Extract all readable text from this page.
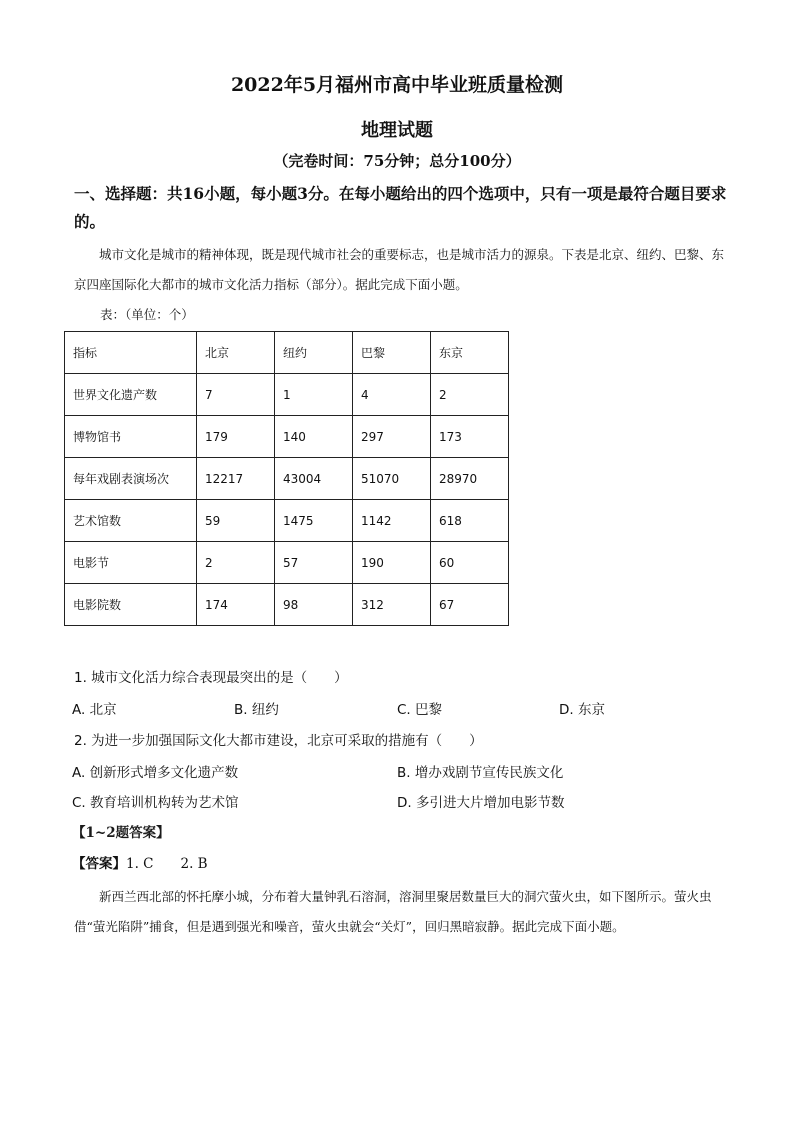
2022年5月福州市高中毕业班质量检测
地理试题
（完卷时间：75分钟；总分100分）
一、选择题：共16小题，每小题3分。在每小题给出的四个选项中，只有一项是最符合题目要求的。
城市文化是城市的精神体现，既是现代城市社会的重要标志，也是城市活力的源泉。下表是北京、纽约、巴黎、东京四座国际化大都市的城市文化活力指标（部分）。据此完成下面小题。
表：（单位：个）
指标	北京	纽约	巴黎	东京
世界文化遗产数	7	1	4	2
博物馆书	179	140	297	173
每年戏剧表演场次	12217	43004	51070	28970
艺术馆数	59	1475	1142	618
电影节	2	57	190	60
电影院数	174	98	312	67
1. 城市文化活力综合表现最突出的是（　　）
A. 北京	B. 纽约	C. 巴黎	D. 东京
2. 为进一步加强国际文化大都市建设，北京可采取的措施有（　　）
A. 创新形式增多文化遗产数	B. 增办戏剧节宣传民族文化
C. 教育培训机构转为艺术馆	D. 多引进大片增加电影节数
【1~2题答案】
【答案】1. C　　2. B
新西兰西北部的怀托摩小城，分布着大量钟乳石溶洞，溶洞里聚居数量巨大的洞穴萤火虫，如下图所示。萤火虫借“萤光陷阱”捕食，但是遇到强光和噪音，萤火虫就会“关灯”，回归黑暗寂静。据此完成下面小题。
